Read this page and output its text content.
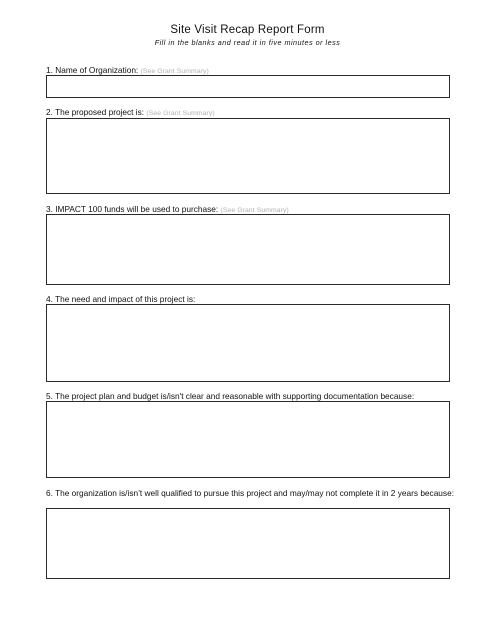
Site Visit Recap Report Form
Fill in the blanks and read it in five minutes or less
1. Name of Organization: (See Grant Summary)
2. The proposed project is: (See Grant Summary)
3. IMPACT 100 funds will be used to purchase: (See Grant Summary)
4. The need and impact of this project is:
5. The project plan and budget is/isn't clear and reasonable with supporting documentation because:
6. The organization is/isn’t well qualified to pursue this project and may/may not complete it in 2 years because:
